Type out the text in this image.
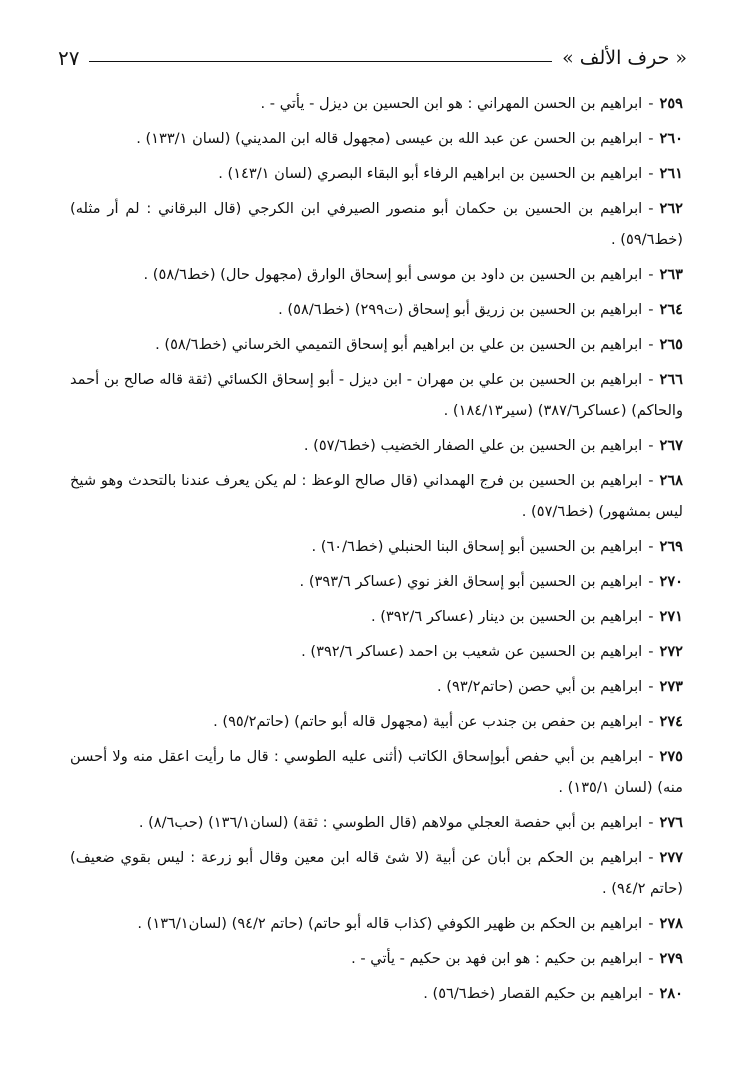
« حرف الألف »
٢٧

٢٥٩-ابراهيم بن الحسن المهراني : هو ابن الحسين بن ديزل - يأتي - .

٢٦٠-ابراهيم بن الحسن عن عبد الله بن عيسى (مجهول قاله ابن المديني) (لسان ١٣٣/١) .

٢٦١-ابراهيم بن الحسين بن ابراهيم الرفاء أبو البقاء البصري (لسان ١٤٣/١) .

٢٦٢-ابراهيم بن الحسين بن حكمان أبو منصور الصيرفي ابن الكرجي (قال البرقاني : لم أر مثله) (خط٥٩/٦) .

٢٦٣-ابراهيم بن الحسين بن داود بن موسى أبو إسحاق الوارق (مجهول حال) (خط٥٨/٦) .

٢٦٤-ابراهيم بن الحسين بن زريق أبو إسحاق (ت٢٩٩) (خط٥٨/٦) .

٢٦٥-ابراهيم بن الحسين بن علي بن ابراهيم أبو إسحاق التميمي الخرساني (خط٥٨/٦) .

٢٦٦-ابراهيم بن الحسين بن علي بن مهران - ابن ديزل - أبو إسحاق الكسائي (ثقة قاله صالح بن أحمد والحاكم) (عساكر٣٨٧/٦) (سير١٨٤/١٣) .

٢٦٧-ابراهيم بن الحسين بن علي الصفار الخضيب (خط٥٧/٦) .

٢٦٨-ابراهيم بن الحسين بن فرج الهمداني (قال صالح الوعظ : لم يكن يعرف عندنا بالتحدث وهو شيخ ليس بمشهور) (خط٥٧/٦) .

٢٦٩-ابراهيم بن الحسين أبو إسحاق البنا الحنبلي (خط٦٠/٦) .

٢٧٠-ابراهيم بن الحسين أبو إسحاق الغز نوي (عساكر ٣٩٣/٦) .

٢٧١-ابراهيم بن الحسين بن دينار (عساكر ٣٩٢/٦) .

٢٧٢-ابراهيم بن الحسين عن شعيب بن احمد (عساكر ٣٩٢/٦) .

٢٧٣-ابراهيم بن أبي حصن (حاتم٩٣/٢) .

٢٧٤-ابراهيم بن حفص بن جندب عن أبية (مجهول قاله أبو حاتم) (حاتم٩٥/٢) .

٢٧٥-ابراهيم بن أبي حفص أبوإسحاق الكاتب (أثنى عليه الطوسي : قال ما رأيت اعقل منه ولا أحسن منه) (لسان ١٣٥/١) .

٢٧٦-ابراهيم بن أبي حفصة العجلي مولاهم (قال الطوسي : ثقة) (لسان١٣٦/١) (حب٨/٦) .

٢٧٧-ابراهيم بن الحكم بن أبان عن أبية (لا شئ قاله ابن معين وقال أبو زرعة : ليس بقوي ضعيف) (حاتم ٩٤/٢) .

٢٧٨-ابراهيم بن الحكم بن ظهير الكوفي (كذاب قاله أبو حاتم) (حاتم ٩٤/٢) (لسان١٣٦/١) .

٢٧٩-ابراهيم بن حكيم : هو ابن فهد بن حكيم - يأتي - .

٢٨٠-ابراهيم بن حكيم القصار (خط٥٦/٦) .
